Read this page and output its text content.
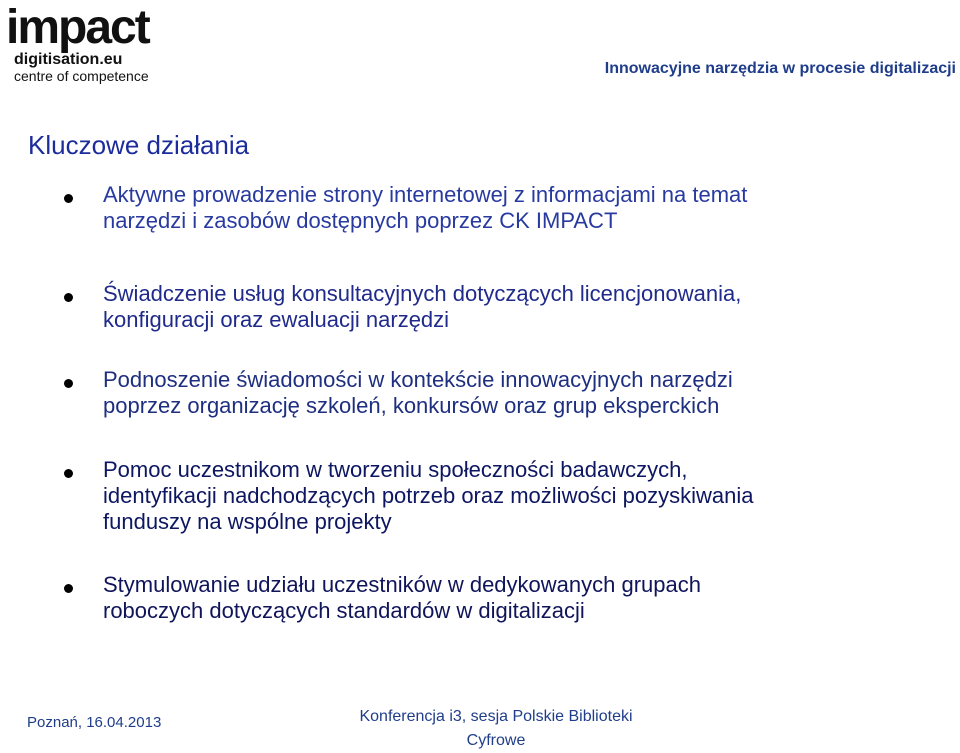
impact
digitisation.eu
centre of competence	Innowacyjne narzędzia w procesie digitalizacji
Kluczowe działania

Aktywne prowadzenie strony internetowej z informacjami na temat
narzędzi i zasobów dostępnych poprzez CK IMPACT

Świadczenie usług konsultacyjnych dotyczących licencjonowania,
konfiguracji oraz ewaluacji narzędzi

Podnoszenie świadomości w kontekście innowacyjnych narzędzi
poprzez organizację szkoleń, konkursów oraz grup eksperckich

Pomoc uczestnikom w tworzeniu społeczności badawczych,
identyfikacji nadchodzących potrzeb oraz możliwości pozyskiwania
funduszy na wspólne projekty

Stymulowanie udziału uczestników w dedykowanych grupach
roboczych dotyczących standardów w digitalizacji

Poznań, 16.04.2013	Konferencja i3, sesja Polskie Biblioteki
Cyfrowe
